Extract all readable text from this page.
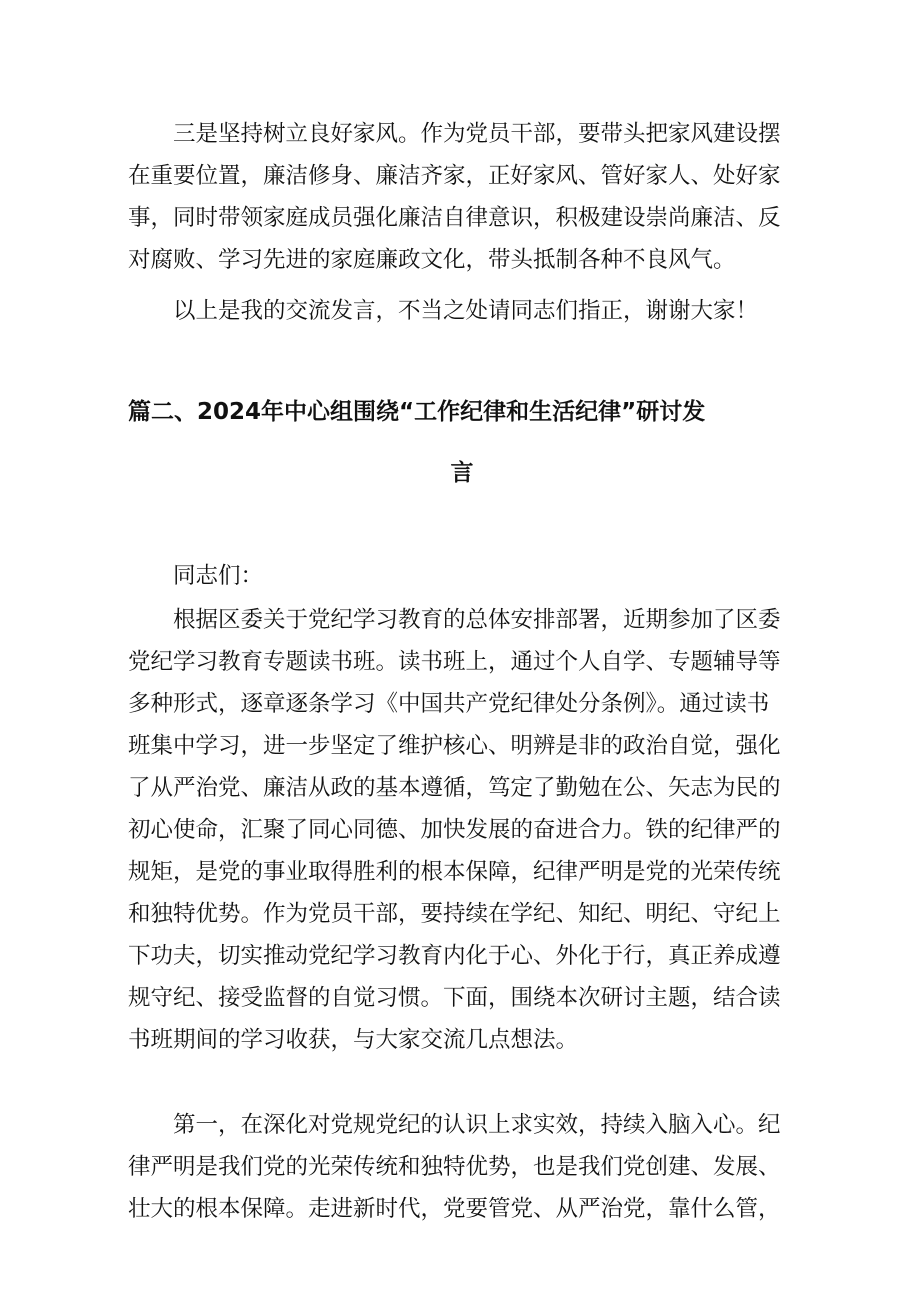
　　三是坚持树立良好家风。作为党员干部，要带头把家风建设摆
在重要位置，廉洁修身、廉洁齐家，正好家风、管好家人、处好家
事，同时带领家庭成员强化廉洁自律意识，积极建设崇尚廉洁、反
对腐败、学习先进的家庭廉政文化，带头抵制各种不良风气。

　　以上是我的交流发言，不当之处请同志们指正，谢谢大家！

篇二、2024年中心组围绕“工作纪律和生活纪律”研讨发
言

　　同志们：

　　根据区委关于党纪学习教育的总体安排部署，近期参加了区委
党纪学习教育专题读书班。读书班上，通过个人自学、专题辅导等
多种形式，逐章逐条学习《中国共产党纪律处分条例》。通过读书
班集中学习，进一步坚定了维护核心、明辨是非的政治自觉，强化
了从严治党、廉洁从政的基本遵循，笃定了勤勉在公、矢志为民的
初心使命，汇聚了同心同德、加快发展的奋进合力。铁的纪律严的
规矩，是党的事业取得胜利的根本保障，纪律严明是党的光荣传统
和独特优势。作为党员干部，要持续在学纪、知纪、明纪、守纪上
下功夫，切实推动党纪学习教育内化于心、外化于行，真正养成遵
规守纪、接受监督的自觉习惯。下面，围绕本次研讨主题，结合读
书班期间的学习收获，与大家交流几点想法。

　　第一，在深化对党规党纪的认识上求实效，持续入脑入心。纪
律严明是我们党的光荣传统和独特优势，也是我们党创建、发展、
壮大的根本保障。走进新时代，党要管党、从严治党，靠什么管，
